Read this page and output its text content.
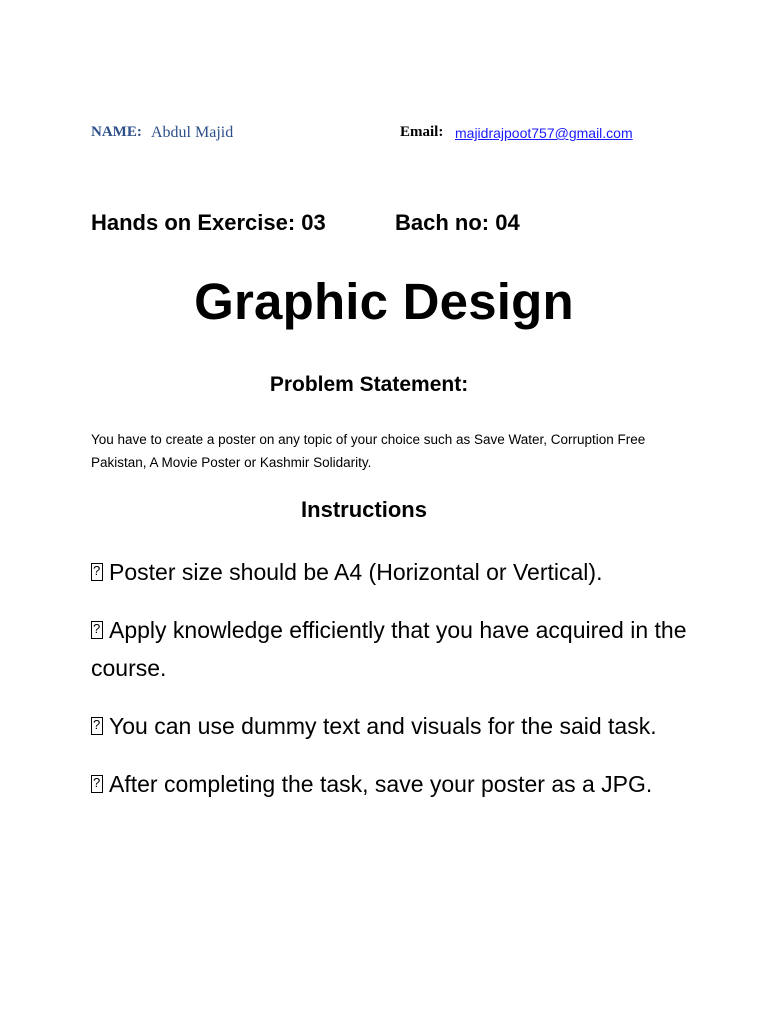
NAME: Abdul Majid	Email: majidrajpoot757@gmail.com
Hands on Exercise: 03	Bach no: 04
Graphic Design
Problem Statement:
You have to create a poster on any topic of your choice such as Save Water, Corruption Free Pakistan, A Movie Poster or Kashmir Solidarity.
Instructions
?Poster size should be A4 (Horizontal or Vertical).
?Apply knowledge efficiently that you have acquired in the course.
?You can use dummy text and visuals for the said task.
?After completing the task, save your poster as a JPG.
